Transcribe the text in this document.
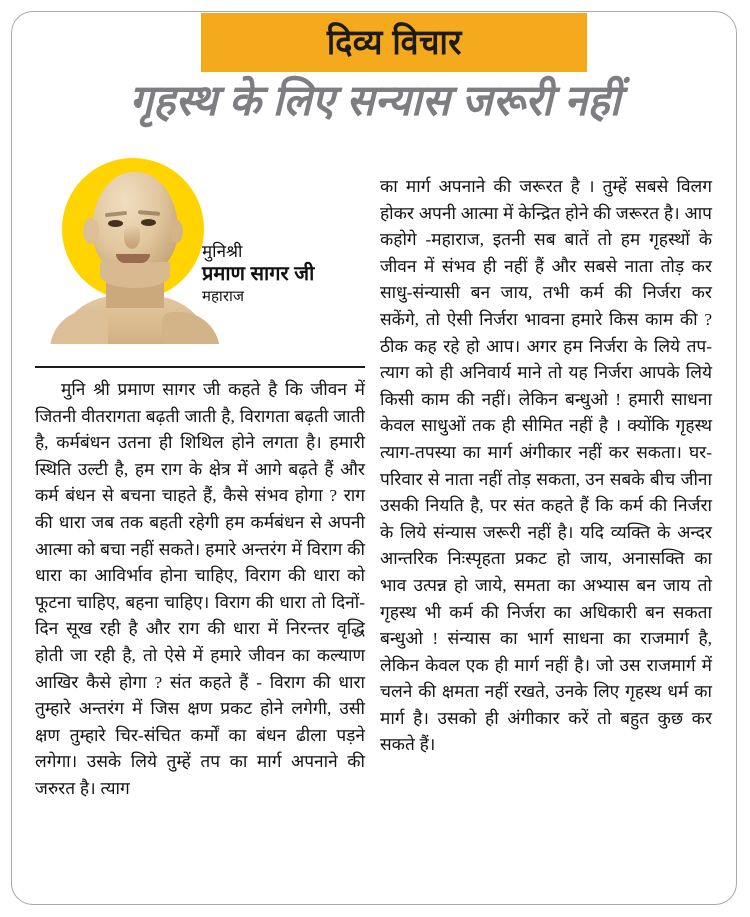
दिव्य विचार
गृहस्थ के लिए सन्यास जरूरी नहीं
मुनिश्री
प्रमाण सागर जी
महाराज

मुनि श्री प्रमाण सागर जी कहते है कि जीवन में जितनी वीतरागता बढ़ती जाती है, विरागता बढ़ती जाती है, कर्मबंधन उतना ही शिथिल होने लगता है। हमारी स्थिति उल्टी है, हम राग के क्षेत्र में आगे बढ़ते हैं और कर्म बंधन से बचना चाहते हैं, कैसे संभव होगा ? राग की धारा जब तक बहती रहेगी हम कर्मबंधन से अपनी आत्मा को बचा नहीं सकते। हमारे अन्तरंग में विराग की धारा का आविर्भाव होना चाहिए, विराग की धारा को फूटना चाहिए, बहना चाहिए। विराग की धारा तो दिनों-दिन सूख रही है और राग की धारा में निरन्तर वृद्धि होती जा रही है, तो ऐसे में हमारे जीवन का कल्याण आखिर कैसे होगा ? संत कहते हैं - विराग की धारा तुम्हारे अन्तरंग में जिस क्षण प्रकट होने लगेगी, उसी क्षण तुम्हारे चिर-संचित कर्मों का बंधन ढीला पड़ने लगेगा। उसके लिये तुम्हें तप का मार्ग अपनाने की जरुरत है। त्याग

का मार्ग अपनाने की जरूरत है । तुम्हें सबसे विलग होकर अपनी आत्मा में केन्द्रित होने की जरूरत है। आप कहोगे -महाराज, इतनी सब बातें तो हम गृहस्थों के जीवन में संभव ही नहीं हैं और सबसे नाता तोड़ कर साधु-संन्यासी बन जाय, तभी कर्म की निर्जरा कर सकेंगे, तो ऐसी निर्जरा भावना हमारे किस काम की ? ठीक कह रहे हो आप। अगर हम निर्जरा के लिये तप-त्याग को ही अनिवार्य माने तो यह निर्जरा आपके लिये किसी काम की नहीं। लेकिन बन्धुओ ! हमारी साधना केवल साधुओं तक ही सीमित नहीं है । क्योंकि गृहस्थ त्याग-तपस्या का मार्ग अंगीकार नहीं कर सकता। घर-परिवार से नाता नहीं तोड़ सकता, उन सबके बीच जीना उसकी नियति है, पर संत कहते हैं कि कर्म की निर्जरा के लिये संन्यास जरूरी नहीं है। यदि व्यक्ति के अन्दर आन्तरिक निःस्पृहता प्रकट हो जाय, अनासक्ति का भाव उत्पन्न हो जाये, समता का अभ्यास बन जाय तो गृहस्थ भी कर्म की निर्जरा का अधिकारी बन सकता बन्धुओ ! संन्यास का भार्ग साधना का राजमार्ग है, लेकिन केवल एक ही मार्ग नहीं है। जो उस राजमार्ग में चलने की क्षमता नहीं रखते, उनके लिए गृहस्थ धर्म का मार्ग है। उसको ही अंगीकार करें तो बहुत कुछ कर सकते हैं।
